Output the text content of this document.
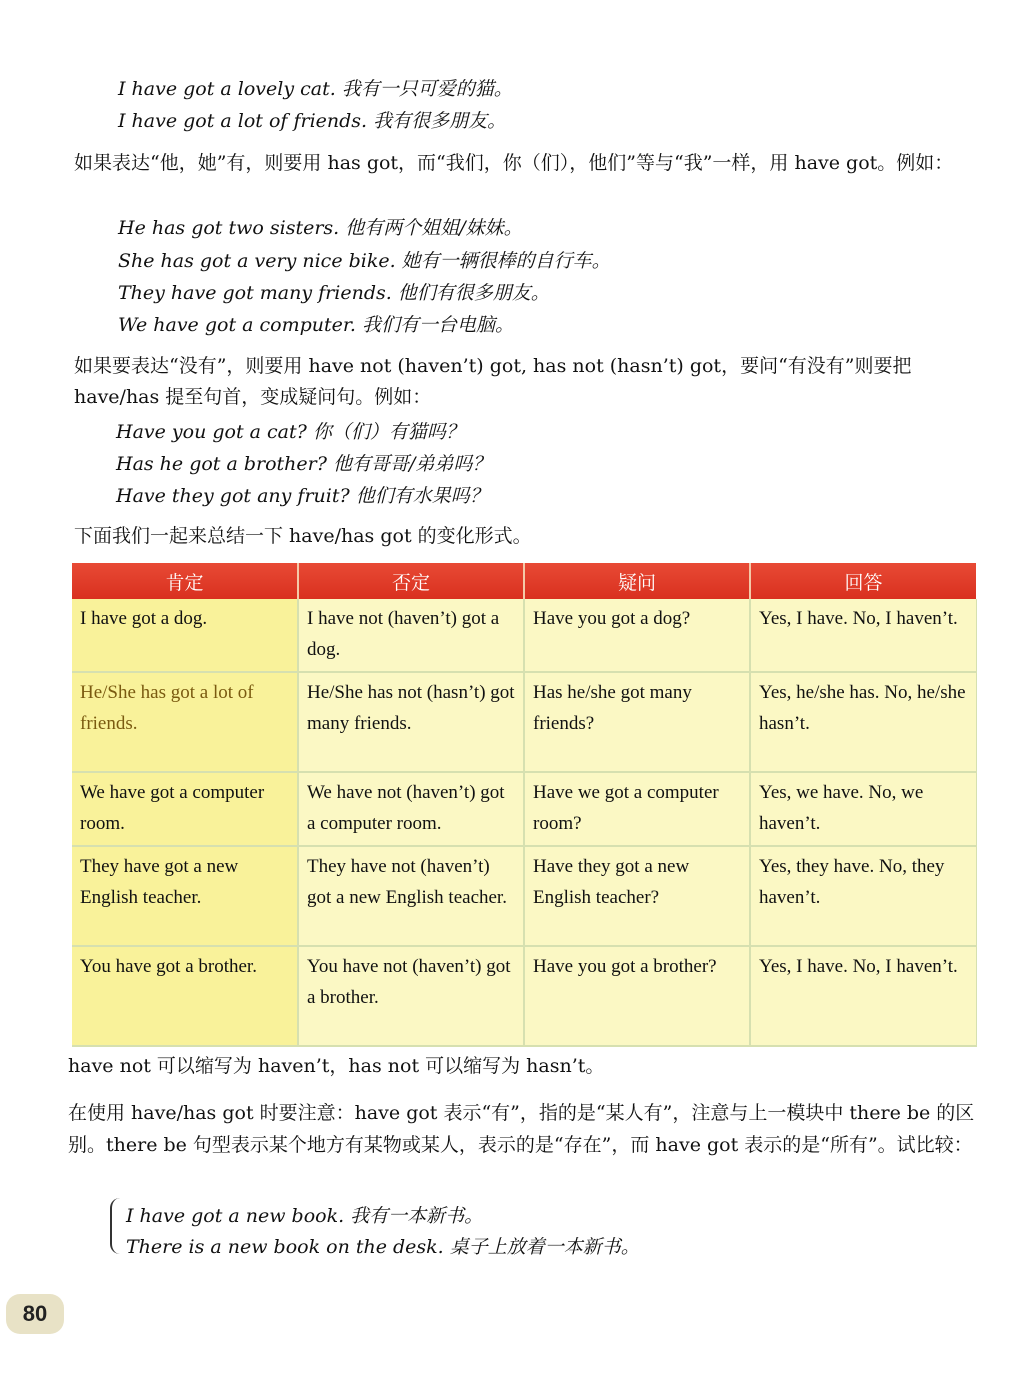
I have got a lovely cat. 我有一只可爱的猫。
I have got a lot of friends. 我有很多朋友。
如果表达“他，她”有，则要用 has got，而“我们，你（们），他们”等与“我”一样，用 have got。例如：
He has got two sisters. 他有两个姐姐/妹妹。
She has got a very nice bike. 她有一辆很棒的自行车。
They have got many friends. 他们有很多朋友。
We have got a computer. 我们有一台电脑。
如果要表达“没有”，则要用 have not (haven’t) got, has not (hasn’t) got，要问“有没有”则要把 have/has 提至句首，变成疑问句。例如：
Have you got a cat? 你（们）有猫吗？
Has he got a brother? 他有哥哥/弟弟吗？
Have they got any fruit? 他们有水果吗？
下面我们一起来总结一下 have/has got 的变化形式。
肯定	否定	疑问	回答
I have got a dog.	I have not (haven’t) got a dog.	Have you got a dog?	Yes, I have. No, I haven’t.
He/She has got a lot of friends.	He/She has not (hasn’t) got many friends.	Has he/she got many friends?	Yes, he/she has. No, he/she hasn’t.
We have got a computer room.	We have not (haven’t) got a computer room.	Have we got a computer room?	Yes, we have. No, we haven’t.
They have got a new English teacher.	They have not (haven’t) got a new English teacher.	Have they got a new English teacher?	Yes, they have. No, they haven’t.
You have got a brother.	You have not (haven’t) got a brother.	Have you got a brother?	Yes, I have. No, I haven’t.
have not 可以缩写为 haven’t，has not 可以缩写为 hasn’t。
在使用 have/has got 时要注意：have got 表示“有”，指的是“某人有”，注意与上一模块中 there be 的区别。there be 句型表示某个地方有某物或某人，表示的是“存在”，而 have got 表示的是“所有”。试比较：
I have got a new book. 我有一本新书。
There is a new book on the desk. 桌子上放着一本新书。
80
